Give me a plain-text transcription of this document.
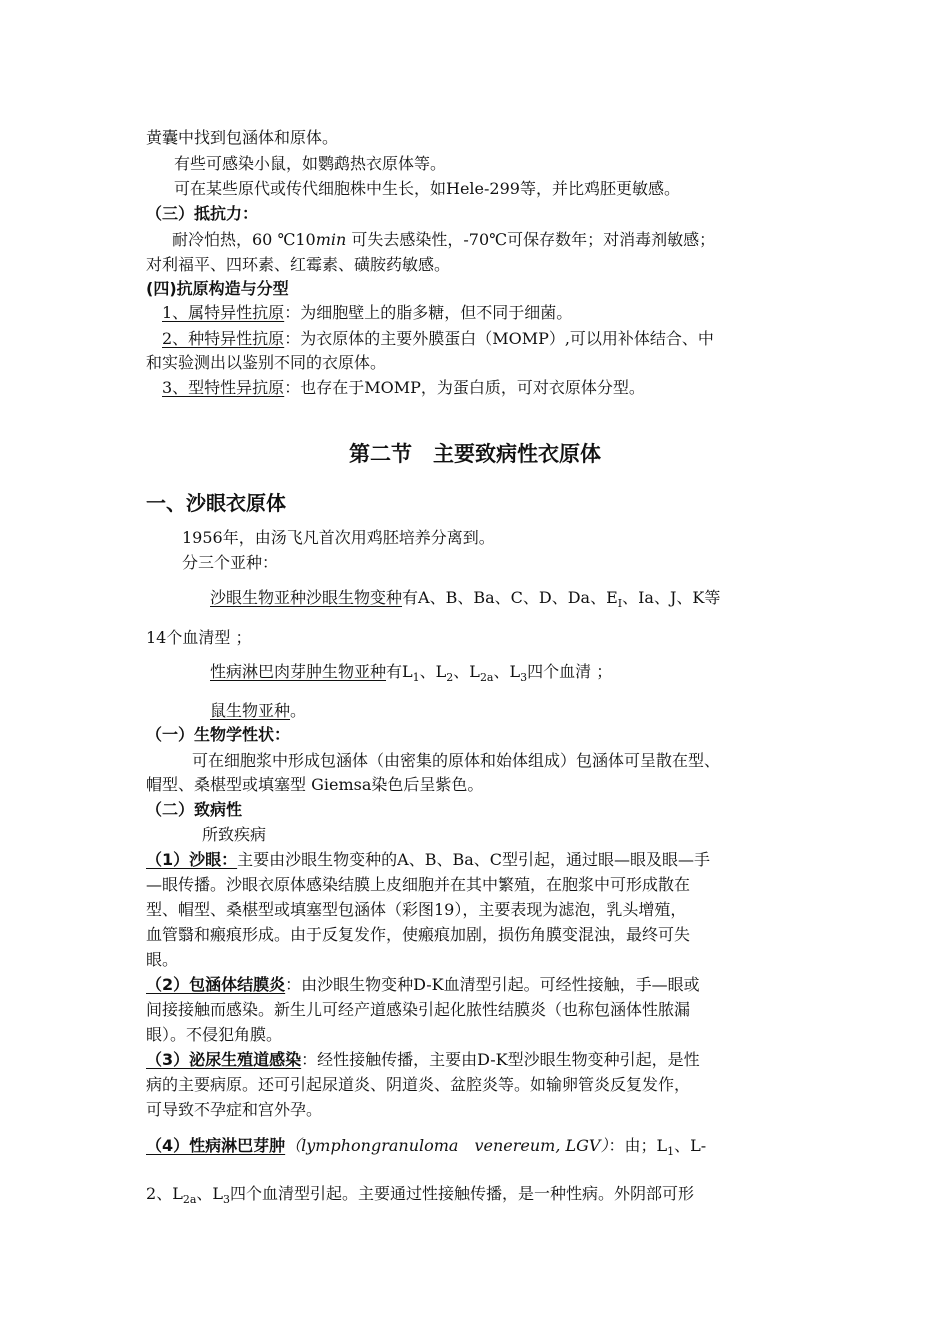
黄囊中找到包涵体和原体。
有些可感染小鼠，如鹦鹉热衣原体等。
可在某些原代或传代细胞株中生长，如Hele-299等，并比鸡胚更敏感。
（三）抵抗力：
耐冷怕热，60 ℃10min 可失去感染性，-70℃可保存数年；对消毒剂敏感；
对利福平、四环素、红霉素、磺胺药敏感。
(四)抗原构造与分型
1、属特异性抗原：为细胞壁上的脂多糖，但不同于细菌。
2、种特异性抗原：为衣原体的主要外膜蛋白（MOMP）,可以用补体结合、中
和实验测出以鉴别不同的衣原体。
3、型特性异抗原：也存在于MOMP，为蛋白质，可对衣原体分型。
第二节　主要致病性衣原体
一、沙眼衣原体
1956年，由汤飞凡首次用鸡胚培养分离到。
分三个亚种：
沙眼生物亚种沙眼生物变种有A、B、Ba、C、D、Da、$E_I$、Ia、J、K等
14个血清型 ；
性病淋巴肉芽肿生物亚种有$L_1$、$L_2$、$L_{2a}$、$L_3$四个血清 ；
鼠生物亚种。
（一）生物学性状：
可在细胞浆中形成包涵体（由密集的原体和始体组成）包涵体可呈散在型、
帽型、桑椹型或填塞型 Giemsa染色后呈紫色。
（二）致病性
所致疾病
（1）沙眼：主要由沙眼生物变种的A、B、Ba、C型引起，通过眼—眼及眼—手
—眼传播。沙眼衣原体感染结膜上皮细胞并在其中繁殖，在胞浆中可形成散在
型、帽型、桑椹型或填塞型包涵体（彩图19），主要表现为滤泡，乳头增殖，
血管翳和瘢痕形成。由于反复发作，使瘢痕加剧，损伤角膜变混浊，最终可失
眼。
（2）包涵体结膜炎：由沙眼生物变种D-K血清型引起。可经性接触，手—眼或
间接接触而感染。新生儿可经产道感染引起化脓性结膜炎（也称包涵体性脓漏
眼）。不侵犯角膜。
（3）泌尿生殖道感染：经性接触传播，主要由D-K型沙眼生物变种引起，是性
病的主要病原。还可引起尿道炎、阴道炎、盆腔炎等。如输卵管炎反复发作，
可导致不孕症和宫外孕。
（4）性病淋巴芽肿（lymphongranuloma　venereum, LGV）：由；$L_1$、L-
2、$L_{2a}$、$L_3$四个血清型引起。主要通过性接触传播，是一种性病。外阴部可形
